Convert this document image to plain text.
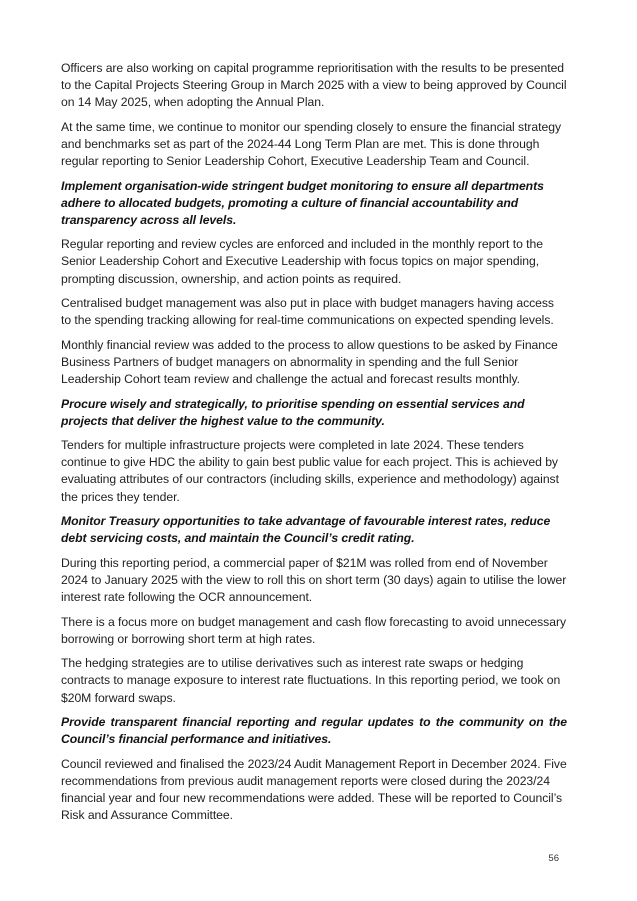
Officers are also working on capital programme reprioritisation with the results to be presented to the Capital Projects Steering Group in March 2025 with a view to being approved by Council on 14 May 2025, when adopting the Annual Plan.

At the same time, we continue to monitor our spending closely to ensure the financial strategy and benchmarks set as part of the 2024-44 Long Term Plan are met. This is done through regular reporting to Senior Leadership Cohort, Executive Leadership Team and Council.

Implement organisation-wide stringent budget monitoring to ensure all departments adhere to allocated budgets, promoting a culture of financial accountability and transparency across all levels.

Regular reporting and review cycles are enforced and included in the monthly report to the Senior Leadership Cohort and Executive Leadership with focus topics on major spending, prompting discussion, ownership, and action points as required.

Centralised budget management was also put in place with budget managers having access to the spending tracking allowing for real-time communications on expected spending levels.

Monthly financial review was added to the process to allow questions to be asked by Finance Business Partners of budget managers on abnormality in spending and the full Senior Leadership Cohort team review and challenge the actual and forecast results monthly.

Procure wisely and strategically, to prioritise spending on essential services and projects that deliver the highest value to the community.

Tenders for multiple infrastructure projects were completed in late 2024. These tenders continue to give HDC the ability to gain best public value for each project. This is achieved by evaluating attributes of our contractors (including skills, experience and methodology) against the prices they tender.

Monitor Treasury opportunities to take advantage of favourable interest rates, reduce debt servicing costs, and maintain the Council’s credit rating.

During this reporting period, a commercial paper of $21M was rolled from end of November 2024 to January 2025 with the view to roll this on short term (30 days) again to utilise the lower interest rate following the OCR announcement.

There is a focus more on budget management and cash flow forecasting to avoid unnecessary borrowing or borrowing short term at high rates.

The hedging strategies are to utilise derivatives such as interest rate swaps or hedging contracts to manage exposure to interest rate fluctuations. In this reporting period, we took on $20M forward swaps.

Provide transparent financial reporting and regular updates to the community on the Council’s financial performance and initiatives.

Council reviewed and finalised the 2023/24 Audit Management Report in December 2024. Five recommendations from previous audit management reports were closed during the 2023/24 financial year and four new recommendations were added. These will be reported to Council’s Risk and Assurance Committee.

56
